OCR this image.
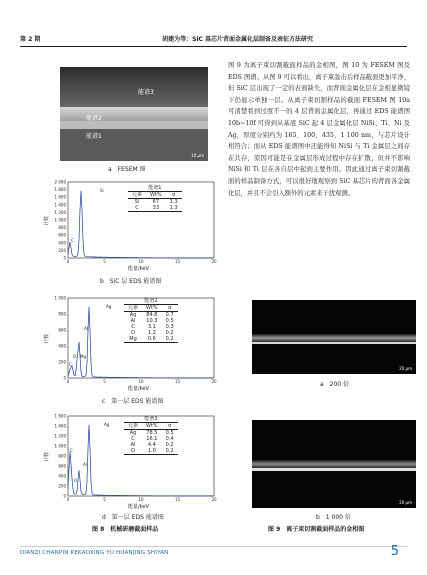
第 2 期	胡建为等：SiC 基芯片背面金属化层制备及表征方法研究
能谱3
能谱2
能谱1
10 μm
a　FESEM 图
0
200
400
600
800
1 000
1 200
1 400
1 600
1 800
2 000
0	5	10	15	20
Si
C
能量/keV
计数
能谱1		
元素	Wt%	σ
Si	67	1.3
C	33	1.3
b　SiC 层 EDS 能谱图
0
200
400
600
800
1 000
0	5	10	15	20
Ag
Al
O Mg
C
能量/keV
计数
能谱2		
元素	Wt%	σ
Ag	84.8	0.7
Al	10.3	0.5
C	3.1	0.3
O	1.2	0.2
Mg	0.6	0.2
c　第一层 EDS 能谱图
0
200
400
600
800
1 000
1 200
1 400
1 600
0	5	10	15	20
Ag
C
Al
O
能量/keV
计数
能谱3		
元素	Wt%	σ
Ag	78.5	0.5
C	16.1	0.4
Al	4.4	0.2
O	1.0	0.2
d　第一层 EDS 能谱图
图 8　机械研磨截面样品

图 9 为离子束切割截面样品的金相图，图 10 为 FESEM 图及 EDS 图谱。从图 9 可以看出，离子束轰击后样品截面更加平净，但 SiC 层出现了一定的表面缺失，而背面金属化层在金相显微镜下仍显示单独一层。从离子束切割样品的截面 FESEM 图 10a 可清楚看到过度不一的 4 层背面金属化层，再通过 EDS 能谱图 10b~10f 可得到从基底 SiC 起 4 层金属化层 NiSi、Ti、Ni 及 Ag，厚度分别约为 165、100、435、1 100 nm，与芯片设计相符合；而从 EDS 能谱图中还能得知 NiSi 与 Ti 金属层之间存在共存，原因可能是在金属层形成过程中存在扩散，但并不影响 NiSi 和 Ti 层在各自层中起到主要作用。因此通过离子束切割截面的样品制备方式，可以很好地观察到 SiC 基芯片的背面各金属化层，并且不会引入额外的元素来干扰观测。

20 μm
a　200 倍
20 μm
b　1 000 倍
图 9　离子束切割截面样品的金相图
DIANZI CHANPIN KEKAOXING YU HUANJING SHIYAN	5
